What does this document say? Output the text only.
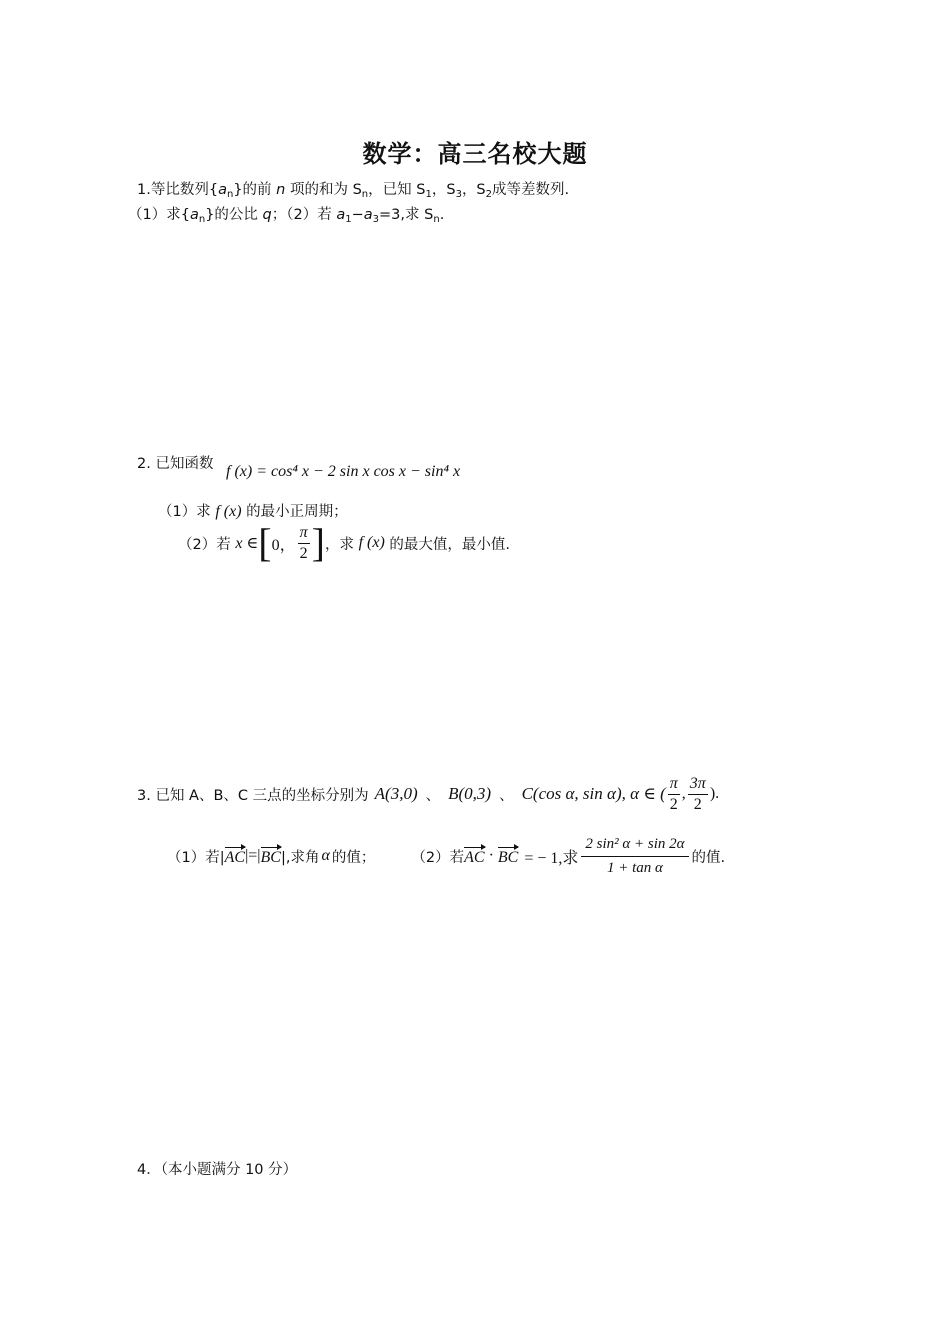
数学：高三名校大题
1.等比数列$\{a_n\}$的前 n 项的和为 $S_n$，已知 $S_1$，$S_3$，$S_2$成等差数列.
（1）求$\{a_n\}$的公比 q；（2）若 $a_1-a_3=3$,求 $S_n$.
2. 已知函数 f (x) = cos⁴ x − 2 sin x cos x − sin⁴ x
（1）求 f (x) 的最小正周期；
（2）若
x ∈ [ 0， $\frac{\pi}{2}$ ] ，求
f (x)
的最大值，最小值.
3. 已知 A、B、C 三点的坐标分别为 A(3,0) 、 B(0,3) 、 C(cos α, sin α), α ∈ ( $\frac{\pi}{2}$ , $\frac{3\pi}{2}$ ).
（1）若| AC |=| BC |,求角 α 的值； （2）若 AC · BC = − 1,求 $\frac{\text{2 sin² α + sin 2α}}{\text{1 + tan α}}$ 的值.
4．（本小题满分 10 分）
